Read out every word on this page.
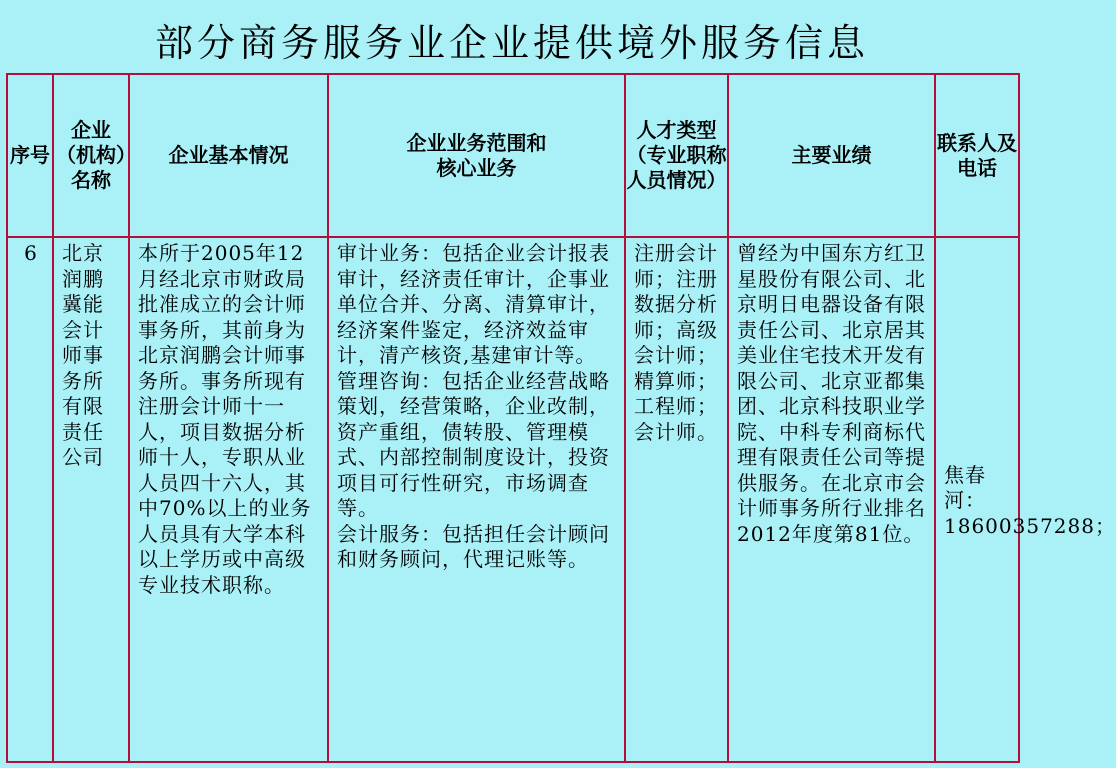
部分商务服务业企业提供境外服务信息
序号	企业（机构）名称	企业基本情况	企业业务范围和
核心业务	人才类型（专业职称人员情况）	主要业绩	联系人及电话
6	北京润鹏冀能会计师事务所有限责任公司	本所于2005年12月经北京市财政局批准成立的会计师事务所，其前身为北京润鹏会计师事务所。事务所现有注册会计师十一人，项目数据分析师十人，专职从业人员四十六人，其中70%以上的业务人员具有大学本科以上学历或中高级专业技术职称。	审计业务：包括企业会计报表审计，经济责任审计，企事业单位合并、分离、清算审计，经济案件鉴定，经济效益审计，清产核资,基建审计等。

管理咨询：包括企业经营战略策划，经营策略，企业改制，资产重组，债转股、管理模式、内部控制制度设计，投资项目可行性研究，市场调查等。

会计服务：包括担任会计顾问和财务顾问，代理记账等。	注册会计师；注册数据分析师；高级会计师；精算师；工程师；会计师。	曾经为中国东方红卫星股份有限公司、北京明日电器设备有限责任公司、北京居其美业住宅技术开发有限公司、北京亚都集团、北京科技职业学院、中科专利商标代理有限责任公司等提供服务。在北京市会计师事务所行业排名2012年度第81位。	焦春河：18600357288；
